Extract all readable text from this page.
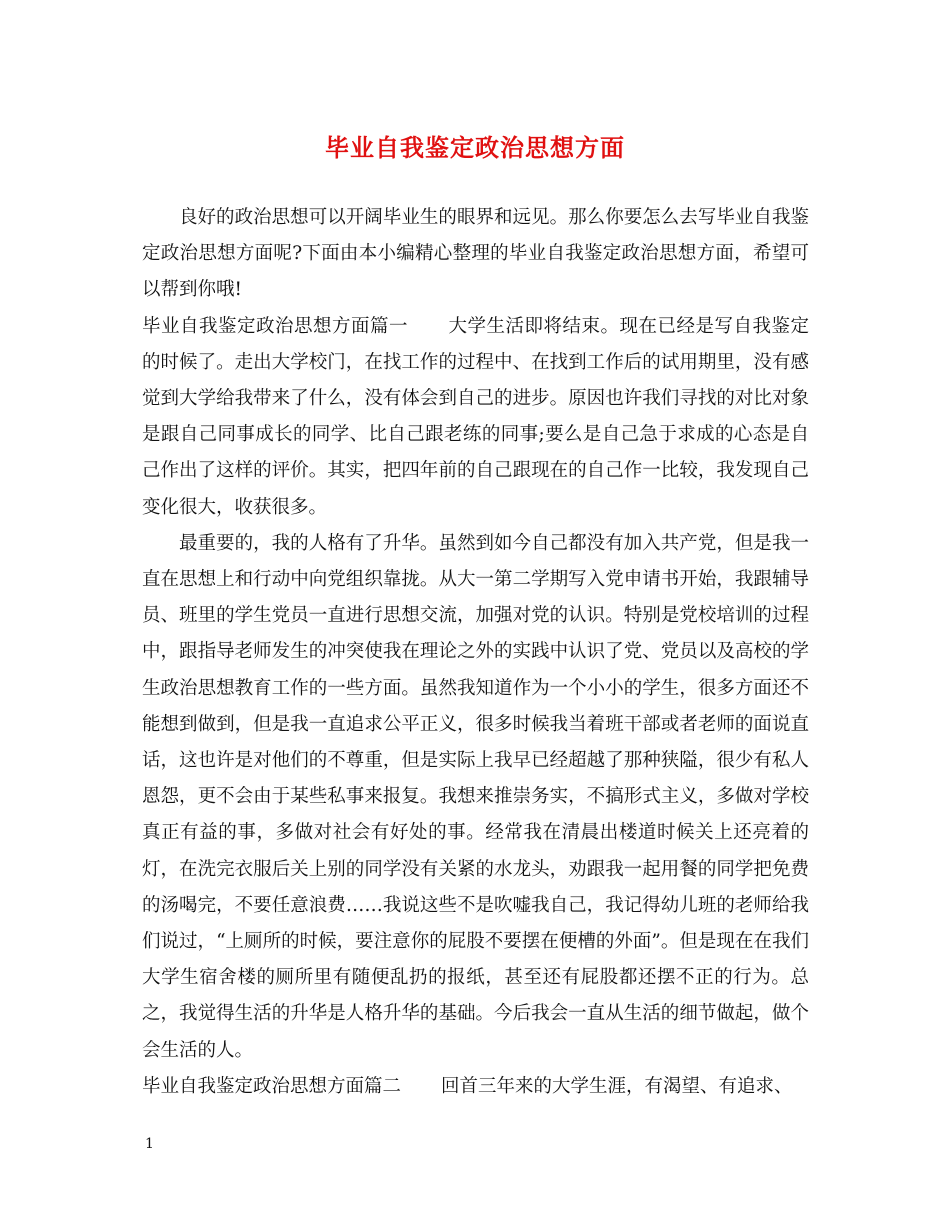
毕业自我鉴定政治思想方面

良好的政治思想可以开阔毕业生的眼界和远见。那么你要怎么去写毕业自我鉴定政治思想方面呢?下面由本小编精心整理的毕业自我鉴定政治思想方面，希望可以帮到你哦!

毕业自我鉴定政治思想方面篇一 大学生活即将结束。现在已经是写自我鉴定的时候了。走出大学校门，在找工作的过程中、在找到工作后的试用期里，没有感觉到大学给我带来了什么，没有体会到自己的进步。原因也许我们寻找的对比对象是跟自己同事成长的同学、比自己跟老练的同事;要么是自己急于求成的心态是自己作出了这样的评价。其实，把四年前的自己跟现在的自己作一比较，我发现自己变化很大，收获很多。

最重要的，我的人格有了升华。虽然到如今自己都没有加入共产党，但是我一直在思想上和行动中向党组织靠拢。从大一第二学期写入党申请书开始，我跟辅导员、班里的学生党员一直进行思想交流，加强对党的认识。特别是党校培训的过程中，跟指导老师发生的冲突使我在理论之外的实践中认识了党、党员以及高校的学生政治思想教育工作的一些方面。虽然我知道作为一个小小的学生，很多方面还不能想到做到，但是我一直追求公平正义，很多时候我当着班干部或者老师的面说直话，这也许是对他们的不尊重，但是实际上我早已经超越了那种狭隘，很少有私人恩怨，更不会由于某些私事来报复。我想来推崇务实，不搞形式主义，多做对学校真正有益的事，多做对社会有好处的事。经常我在清晨出楼道时候关上还亮着的灯，在洗完衣服后关上别的同学没有关紧的水龙头，劝跟我一起用餐的同学把免费的汤喝完，不要任意浪费……我说这些不是吹嘘我自己，我记得幼儿班的老师给我们说过，“上厕所的时候，要注意你的屁股不要摆在便槽的外面”。但是现在在我们大学生宿舍楼的厕所里有随便乱扔的报纸，甚至还有屁股都还摆不正的行为。总之，我觉得生活的升华是人格升华的基础。今后我会一直从生活的细节做起，做个会生活的人。

毕业自我鉴定政治思想方面篇二 回首三年来的大学生涯，有渴望、有追求、

1
